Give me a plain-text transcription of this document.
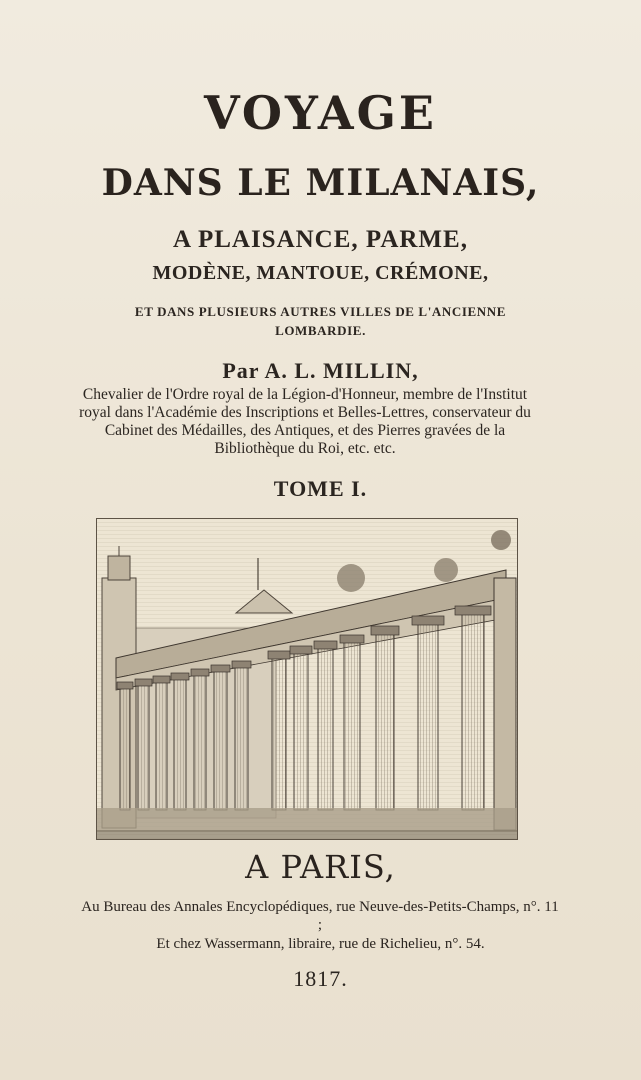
VOYAGE
DANS LE MILANAIS,
A PLAISANCE, PARME,
MODÈNE, MANTOUE, CRÉMONE,
ET DANS PLUSIEURS AUTRES VILLES DE L'ANCIENNE
LOMBARDIE.
Par A. L. MILLIN,
Chevalier de l'Ordre royal de la Légion-d'Honneur, membre de l'Institut royal dans l'Académie des Inscriptions et Belles-Lettres, conservateur du Cabinet des Médailles, des Antiques, et des Pierres gravées de la Bibliothèque du Roi, etc. etc.
TOME I.
A PARIS,
Au Bureau des Annales Encyclopédiques, rue Neuve-des-Petits-Champs, n°. 11 ;
Et chez Wassermann, libraire, rue de Richelieu, n°. 54.
1817.
